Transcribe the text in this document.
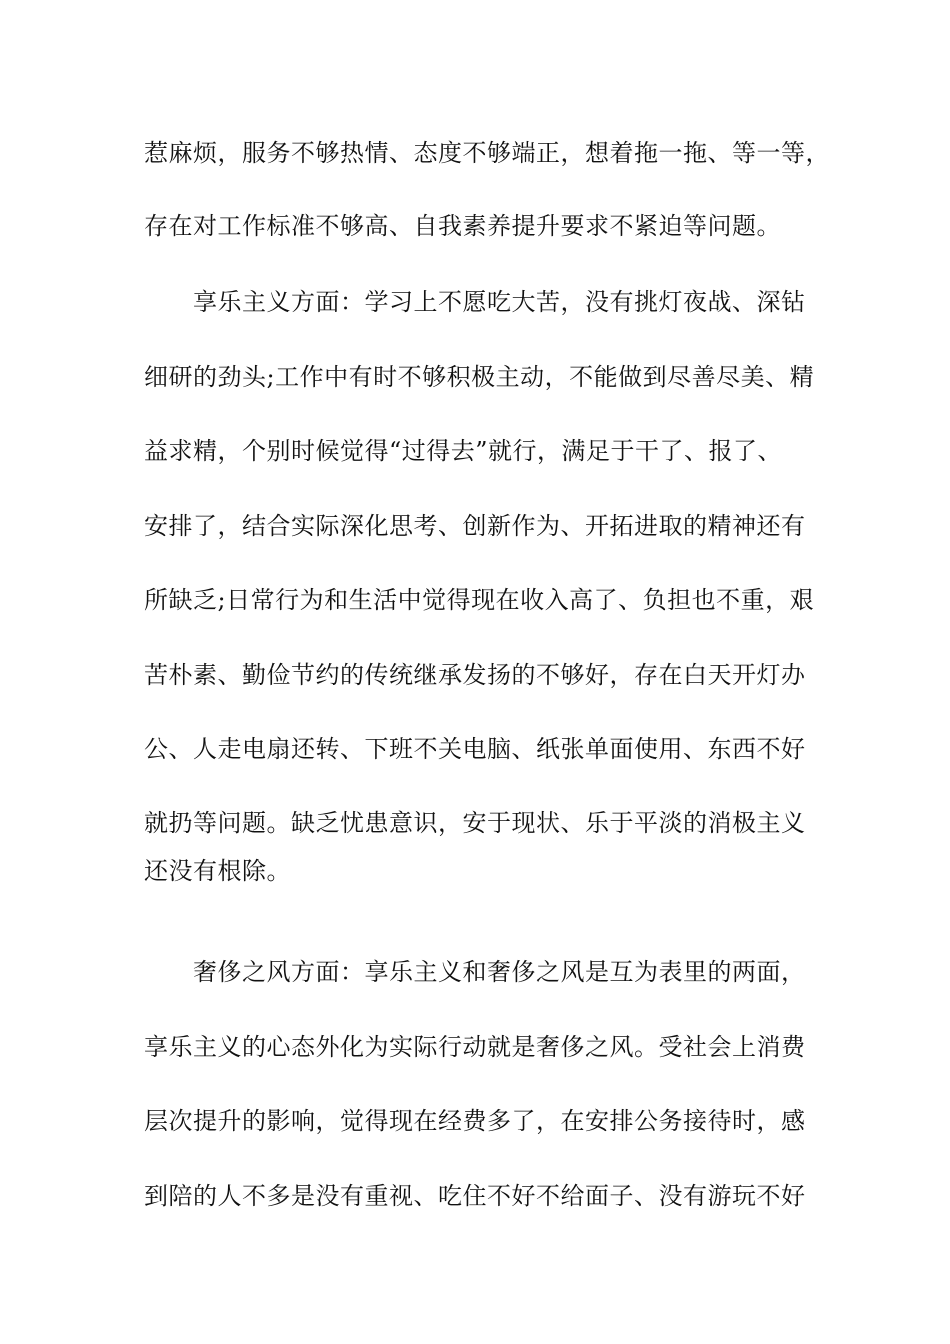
惹麻烦，服务不够热情、态度不够端正，想着拖一拖、等一等，
存在对工作标准不够高、自我素养提升要求不紧迫等问题。
享乐主义方面：学习上不愿吃大苦，没有挑灯夜战、深钻
细研的劲头;工作中有时不够积极主动，不能做到尽善尽美、精
益求精，个别时候觉得“过得去”就行，满足于干了、报了、
安排了，结合实际深化思考、创新作为、开拓进取的精神还有
所缺乏;日常行为和生活中觉得现在收入高了、负担也不重，艰
苦朴素、勤俭节约的传统继承发扬的不够好，存在白天开灯办
公、人走电扇还转、下班不关电脑、纸张单面使用、东西不好
就扔等问题。缺乏忧患意识，安于现状、乐于平淡的消极主义
还没有根除。
奢侈之风方面：享乐主义和奢侈之风是互为表里的两面，
享乐主义的心态外化为实际行动就是奢侈之风。受社会上消费
层次提升的影响，觉得现在经费多了，在安排公务接待时，感
到陪的人不多是没有重视、吃住不好不给面子、没有游玩不好
